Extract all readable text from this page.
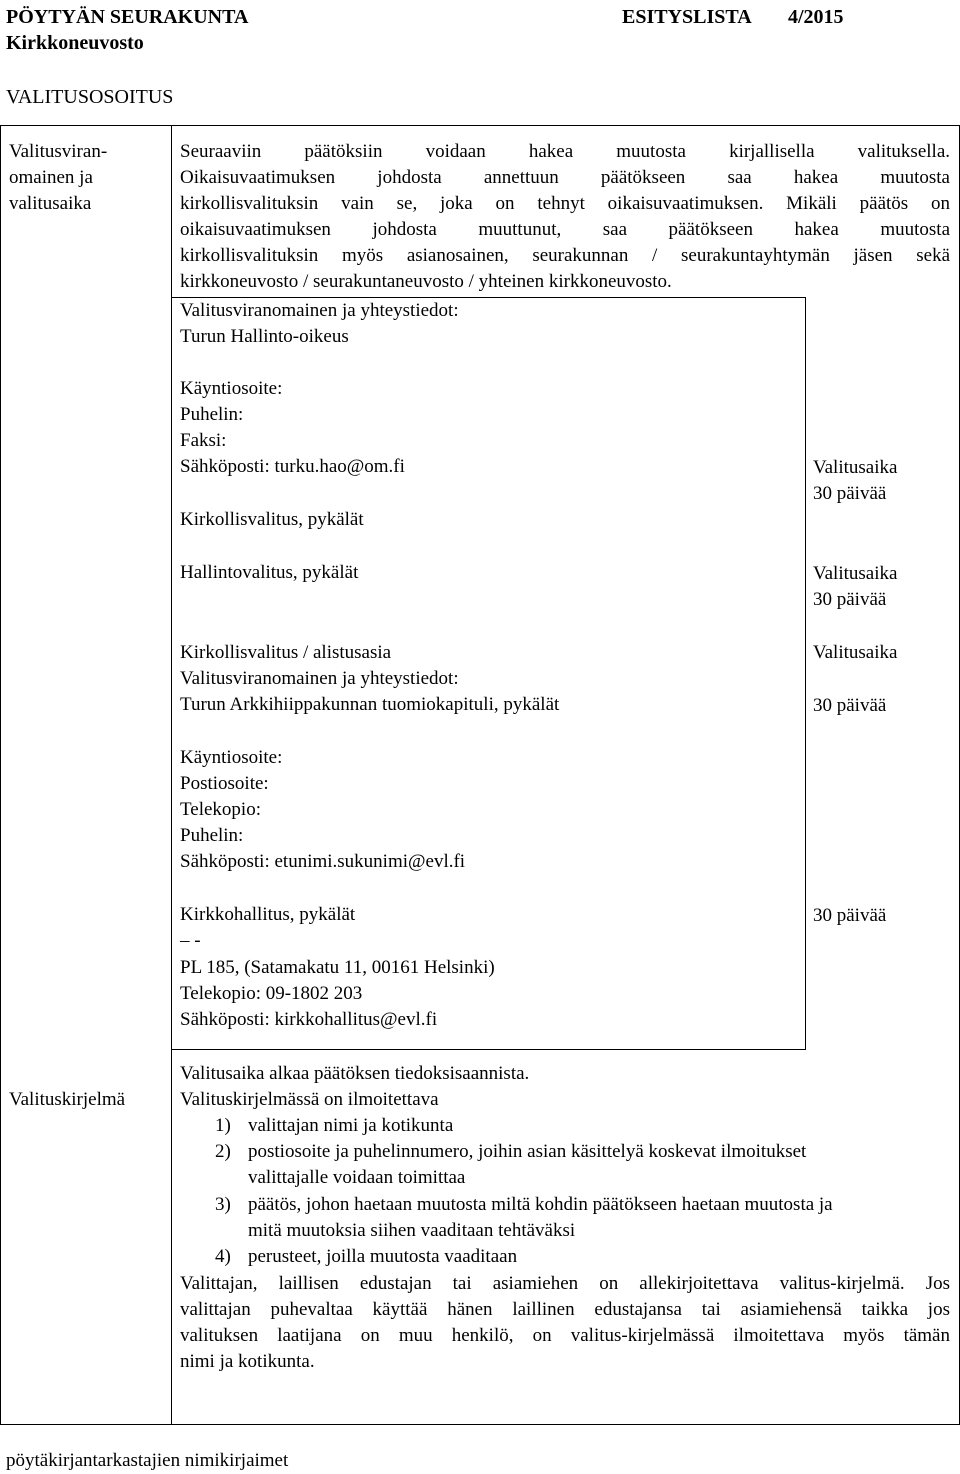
PÖYTYÄN SEURAKUNTA	ESITYSLISTA 4/2015
Kirkkoneuvosto
VALITUSOSOITUS
Valitusviran-
omainen ja
valitusaika
Seuraaviin päätöksiin voidaan hakea muutosta kirjallisella valituksella.
Oikaisuvaatimuksen johdosta annettuun päätökseen saa hakea muutosta
kirkollisvalituksin vain se, joka on tehnyt oikaisuvaatimuksen. Mikäli päätös on
oikaisuvaatimuksen johdosta muuttunut, saa päätökseen hakea muutosta
kirkollisvalituksin myös asianosainen, seurakunnan / seurakuntayhtymän jäsen sekä
kirkkoneuvosto / seurakuntaneuvosto / yhteinen kirkkoneuvosto.
Valitusviranomainen ja yhteystiedot:
Turun Hallinto-oikeus
Käyntiosoite:
Puhelin:
Faksi:
Sähköposti: turku.hao@om.fi
Kirkollisvalitus, pykälät
Hallintovalitus, pykälät
Kirkollisvalitus / alistusasia
Valitusviranomainen ja yhteystiedot:
Turun Arkkihiippakunnan tuomiokapituli, pykälät
Käyntiosoite:
Postiosoite:
Telekopio:
Puhelin:
Sähköposti: etunimi.sukunimi@evl.fi
Kirkkohallitus, pykälät
– -
PL 185, (Satamakatu 11, 00161 Helsinki)
Telekopio: 09-1802 203
Sähköposti: kirkkohallitus@evl.fi
Valitusaika
30 päivää
Valitusaika
30 päivää
Valitusaika
30 päivää
30 päivää
Valitusaika alkaa päätöksen tiedoksisaannista.
Valituskirjelmä	Valituskirjelmässä on ilmoitettava
1) valittajan nimi ja kotikunta
2) postiosoite ja puhelinnumero, joihin asian käsittelyä koskevat ilmoitukset
valittajalle voidaan toimittaa
3) päätös, johon haetaan muutosta miltä kohdin päätökseen haetaan muutosta ja
mitä muutoksia siihen vaaditaan tehtäväksi
4) perusteet, joilla muutosta vaaditaan
Valittajan, laillisen edustajan tai asiamiehen on allekirjoitettava valitus-kirjelmä. Jos
valittajan puhevaltaa käyttää hänen laillinen edustajansa tai asiamiehensä taikka jos
valituksen laatijana on muu henkilö, on valitus-kirjelmässä ilmoitettava myös tämän
nimi ja kotikunta.
pöytäkirjantarkastajien nimikirjaimet
